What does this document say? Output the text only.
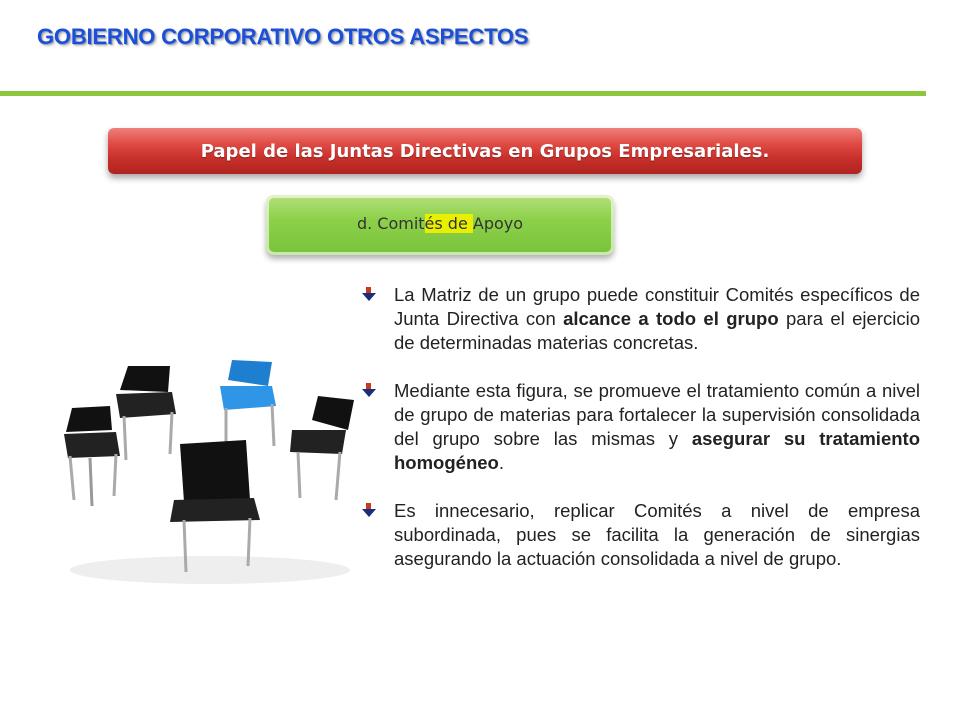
GOBIERNO CORPORATIVO OTROS ASPECTOS
Papel de las Juntas Directivas en Grupos Empresariales.
d. Comités de Apoyo
La Matriz de un grupo puede constituir Comités específicos de Junta Directiva con alcance a todo el grupo para el ejercicio de determinadas materias concretas.
Mediante esta figura, se promueve el tratamiento común a nivel de grupo de materias para fortalecer la supervisión consolidada del grupo sobre las mismas y asegurar su tratamiento homogéneo.
Es innecesario, replicar Comités a nivel de empresa subordinada, pues se facilita la generación de sinergias asegurando la actuación consolidada a nivel de grupo.
